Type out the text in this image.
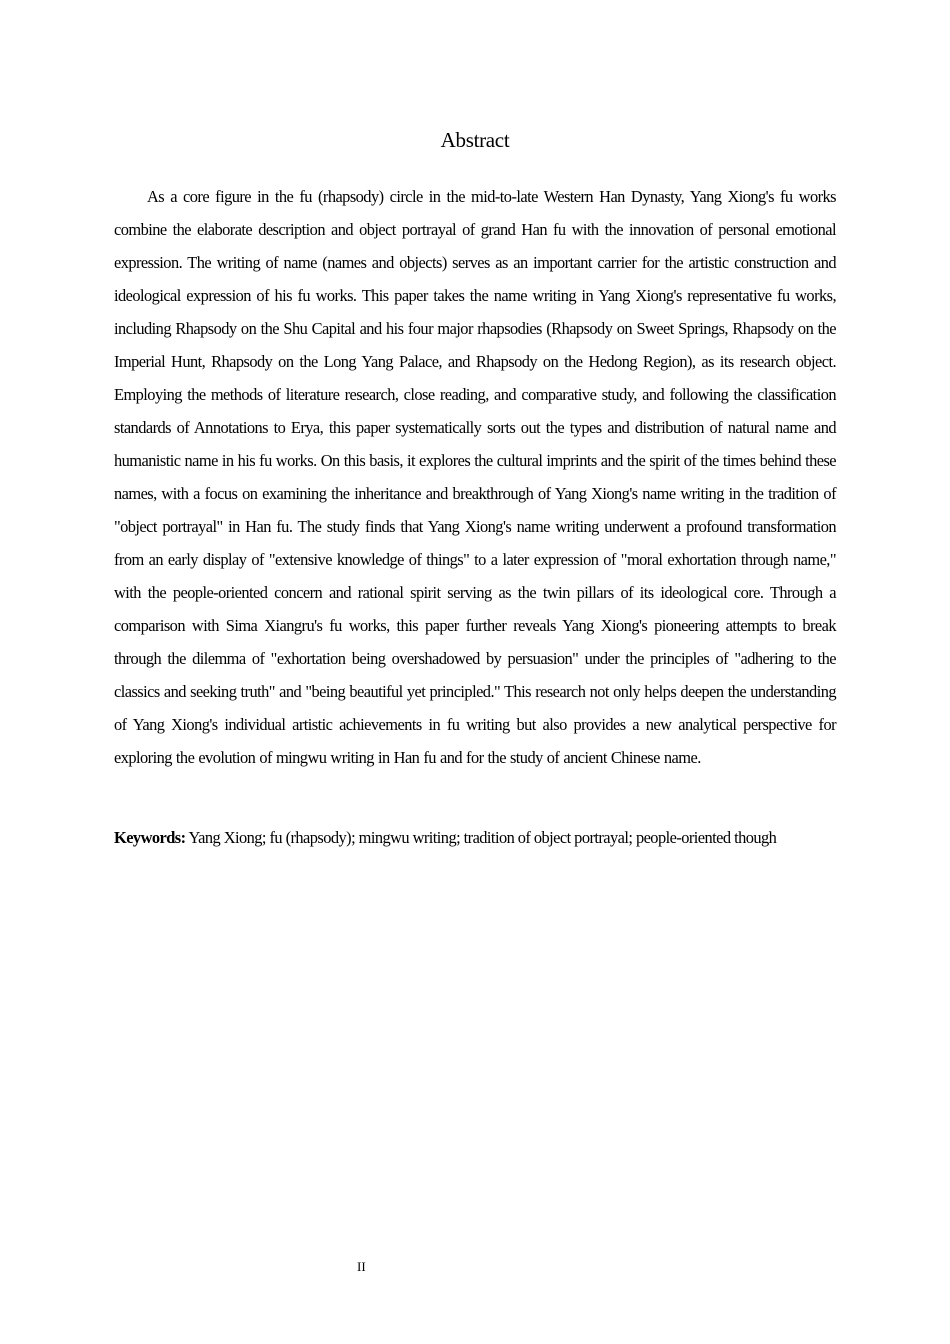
Abstract

As a core figure in the fu (rhapsody) circle in the mid-to-late Western Han Dynasty, Yang Xiong's fu works combine the elaborate description and object portrayal of grand Han fu with the innovation of personal emotional expression. The writing of name (names and objects) serves as an important carrier for the artistic construction and ideological expression of his fu works. This paper takes the name writing in Yang Xiong's representative fu works, including Rhapsody on the Shu Capital and his four major rhapsodies (Rhapsody on Sweet Springs, Rhapsody on the Imperial Hunt, Rhapsody on the Long Yang Palace, and Rhapsody on the Hedong Region), as its research object. Employing the methods of literature research, close reading, and comparative study, and following the classification standards of Annotations to Erya, this paper systematically sorts out the types and distribution of natural name and humanistic name in his fu works. On this basis, it explores the cultural imprints and the spirit of the times behind these names, with a focus on examining the inheritance and breakthrough of Yang Xiong's name writing in the tradition of "object portrayal" in Han fu. The study finds that Yang Xiong's name writing underwent a profound transformation from an early display of "extensive knowledge of things" to a later expression of "moral exhortation through name," with the people-oriented concern and rational spirit serving as the twin pillars of its ideological core. Through a comparison with Sima Xiangru's fu works, this paper further reveals Yang Xiong's pioneering attempts to break through the dilemma of "exhortation being overshadowed by persuasion" under the principles of "adhering to the classics and seeking truth" and "being beautiful yet principled." This research not only helps deepen the understanding of Yang Xiong's individual artistic achievements in fu writing but also provides a new analytical perspective for exploring the evolution of mingwu writing in Han fu and for the study of ancient Chinese name.

Keywords: Yang Xiong; fu (rhapsody); mingwu writing; tradition of object portrayal; people-oriented though

II
